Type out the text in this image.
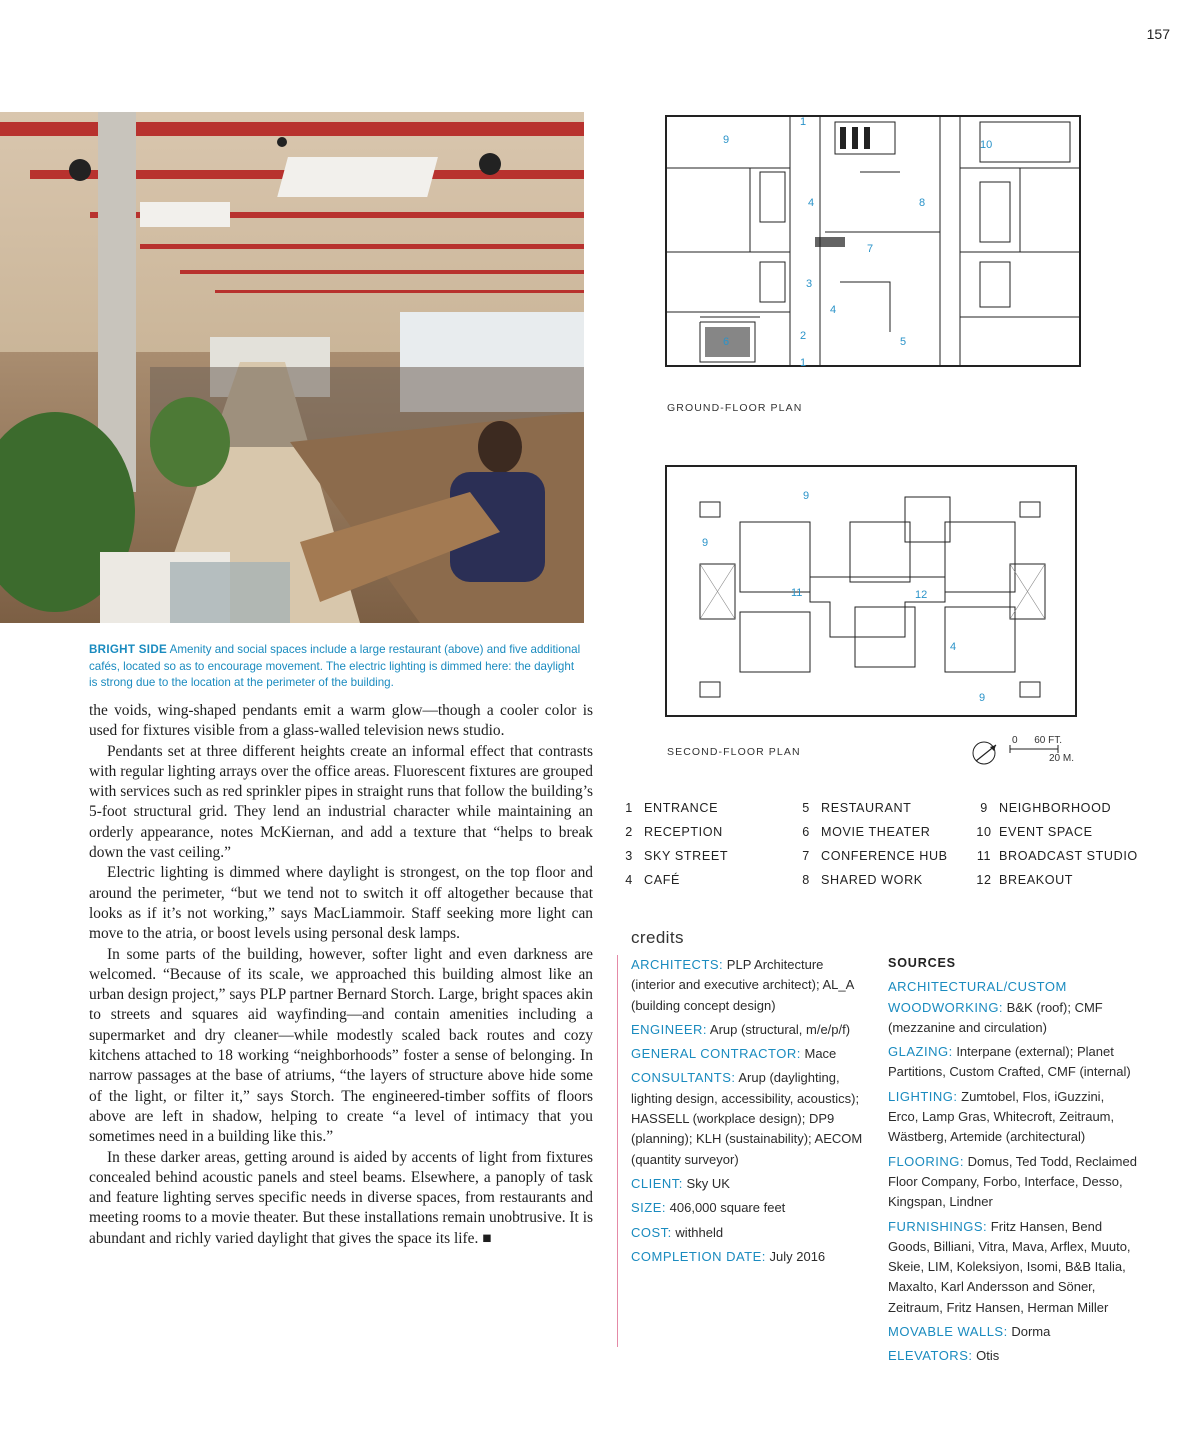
157
BRIGHT SIDE Amenity and social spaces include a large restaurant (above) and five additional cafés, located so as to encourage movement. The electric lighting is dimmed here: the daylight is strong due to the location at the perimeter of the building.

the voids, wing-shaped pendants emit a warm glow—though a cooler color is used for fixtures visible from a glass-walled television news studio.

Pendants set at three different heights create an informal effect that contrasts with regular lighting arrays over the office areas. Fluorescent fixtures are grouped with services such as red sprinkler pipes in straight runs that follow the building’s 5-foot structural grid. They lend an industrial character while maintaining an orderly appearance, notes McKiernan, and add a texture that “helps to break down the vast ceiling.”

Electric lighting is dimmed where daylight is strongest, on the top floor and around the perimeter, “but we tend not to switch it off altogether because that looks as if it’s not working,” says MacLiammoir. Staff seeking more light can move to the atria, or boost levels using personal desk lamps.

In some parts of the building, however, softer light and even darkness are welcomed. “Because of its scale, we approached this building almost like an urban design project,” says PLP partner Bernard Storch. Large, bright spaces akin to streets and squares aid wayfinding—and contain amenities including a supermarket and dry cleaner—while modestly scaled back routes and cozy kitchens attached to 18 working “neighborhoods” foster a sense of belonging. In narrow passages at the base of atriums, “the layers of structure above hide some of the light, or filter it,” says Storch. The engineered-timber soffits of floors above are left in shadow, helping to create “a level of intimacy that you sometimes need in a building like this.”

In these darker areas, getting around is aided by accents of light from fixtures concealed behind acoustic panels and steel beams. Elsewhere, a panoply of task and feature lighting serves specific needs in diverse spaces, from restaurants and meeting rooms to a movie theater. But these installations remain unobtrusive. It is abundant and richly varied daylight that gives the space its life. ■

1
9	10
8
4
7
3
4
2	5
6
1
GROUND-FLOOR PLAN
9
9
11	12
4
9
SECOND-FLOOR PLAN
0      60 FT.
20 M.
1 ENTRANCE
2 RECEPTION
3 SKY STREET
4 CAFÉ
5 RESTAURANT
6 MOVIE THEATER
7 CONFERENCE HUB
8 SHARED WORK
9 NEIGHBORHOOD
10 EVENT SPACE
11 BROADCAST STUDIO
12 BREAKOUT
credits

ARCHITECTS: PLP Architecture (interior and executive architect); AL_A (building concept design)

ENGINEER: Arup (structural, m/e/p/f)

GENERAL CONTRACTOR: Mace

CONSULTANTS: Arup (daylighting, lighting design, accessibility, acoustics); HASSELL (workplace design); DP9 (planning); KLH (sustainability); AECOM (quantity surveyor)

CLIENT: Sky UK

SIZE: 406,000 square feet

COST: withheld

COMPLETION DATE: July 2016

SOURCES

ARCHITECTURAL/CUSTOM WOODWORKING: B&K (roof); CMF (mezzanine and circulation)

GLAZING: Interpane (external); Planet Partitions, Custom Crafted, CMF (internal)

LIGHTING: Zumtobel, Flos, iGuzzini, Erco, Lamp Gras, Whitecroft, Zeitraum, Wästberg, Artemide (architectural)

FLOORING: Domus, Ted Todd, Reclaimed Floor Company, Forbo, Interface, Desso, Kingspan, Lindner

FURNISHINGS: Fritz Hansen, Bend Goods, Billiani, Vitra, Mava, Arflex, Muuto, Skeie, LIM, Koleksiyon, Isomi, B&B Italia, Maxalto, Karl Andersson and Söner, Zeitraum, Fritz Hansen, Herman Miller

MOVABLE WALLS: Dorma

ELEVATORS: Otis
